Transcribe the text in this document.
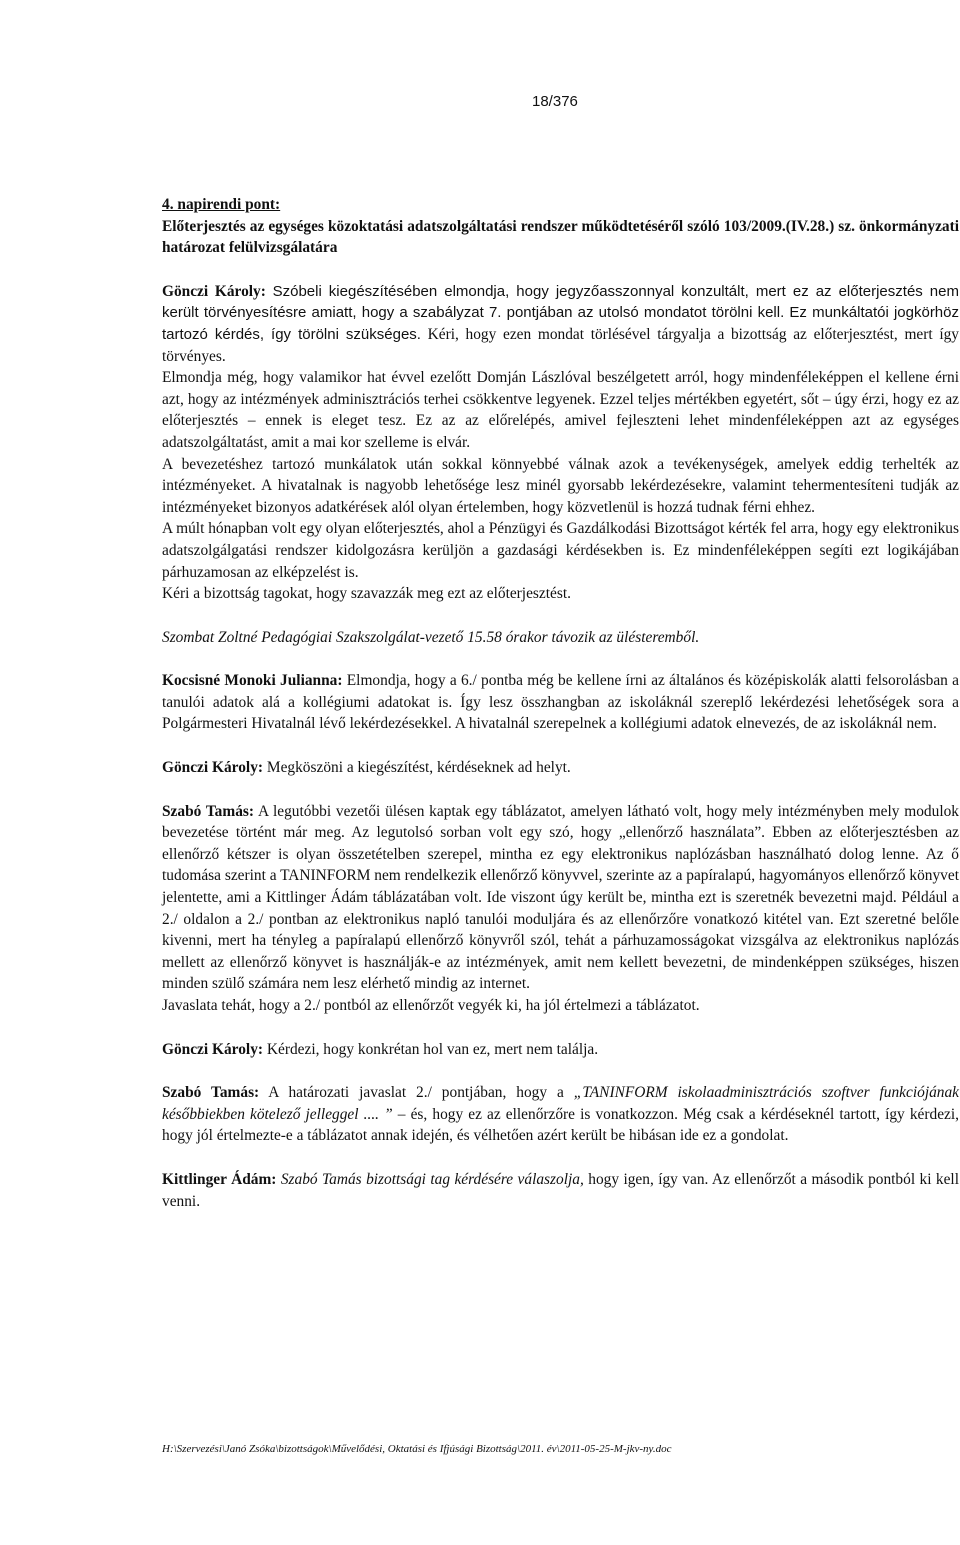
18/376
4. napirendi pont:
Előterjesztés az egységes közoktatási adatszolgáltatási rendszer működtetéséről szóló 103/2009.(IV.28.) sz. önkormányzati határozat felülvizsgálatára

Gönczi Károly: Szóbeli kiegészítésében elmondja, hogy jegyzőasszonnyal konzultált, mert ez az előterjesztés nem került törvényesítésre amiatt, hogy a szabályzat 7. pontjában az utolsó mondatot törölni kell. Ez munkáltatói jogkörhöz tartozó kérdés, így törölni szükséges. Kéri, hogy ezen mondat törlésével tárgyalja a bizottság az előterjesztést, mert így törvényes.

Elmondja még, hogy valamikor hat évvel ezelőtt Domján Lászlóval beszélgetett arról, hogy mindenféleképpen el kellene érni azt, hogy az intézmények adminisztrációs terhei csökkentve legyenek. Ezzel teljes mértékben egyetért, sőt – úgy érzi, hogy ez az előterjesztés – ennek is eleget tesz. Ez az az előrelépés, amivel fejleszteni lehet mindenféleképpen azt az egységes adatszolgáltatást, amit a mai kor szelleme is elvár.

A bevezetéshez tartozó munkálatok után sokkal könnyebbé válnak azok a tevékenységek, amelyek eddig terhelték az intézményeket. A hivatalnak is nagyobb lehetősége lesz minél gyorsabb lekérdezésekre, valamint tehermentesíteni tudják az intézményeket bizonyos adatkérések alól olyan értelemben, hogy közvetlenül is hozzá tudnak férni ehhez.

A múlt hónapban volt egy olyan előterjesztés, ahol a Pénzügyi és Gazdálkodási Bizottságot kérték fel arra, hogy egy elektronikus adatszolgálgatási rendszer kidolgozásra kerüljön a gazdasági kérdésekben is. Ez mindenféleképpen segíti ezt logikájában párhuzamosan az elképzelést is.

Kéri a bizottság tagokat, hogy szavazzák meg ezt az előterjesztést.

Szombat Zoltné Pedagógiai Szakszolgálat-vezető 15.58 órakor távozik az ülésteremből.

Kocsisné Monoki Julianna: Elmondja, hogy a 6./ pontba még be kellene írni az általános és középiskolák alatti felsorolásban a tanulói adatok alá a kollégiumi adatokat is. Így lesz összhangban az iskoláknál szereplő lekérdezési lehetőségek sora a Polgármesteri Hivatalnál lévő lekérdezésekkel. A hivatalnál szerepelnek a kollégiumi adatok elnevezés, de az iskoláknál nem.

Gönczi Károly: Megköszöni a kiegészítést, kérdéseknek ad helyt.

Szabó Tamás: A legutóbbi vezetői ülésen kaptak egy táblázatot, amelyen látható volt, hogy mely intézményben mely modulok bevezetése történt már meg. Az legutolsó sorban volt egy szó, hogy „ellenőrző használata”. Ebben az előterjesztésben az ellenőrző kétszer is olyan összetételben szerepel, mintha ez egy elektronikus naplózásban használható dolog lenne. Az ő tudomása szerint a TANINFORM nem rendelkezik ellenőrző könyvvel, szerinte az a papíralapú, hagyományos ellenőrző könyvet jelentette, ami a Kittlinger Ádám táblázatában volt. Ide viszont úgy került be, mintha ezt is szeretnék bevezetni majd. Például a 2./ oldalon a 2./ pontban az elektronikus napló tanulói moduljára és az ellenőrzőre vonatkozó kitétel van. Ezt szeretné belőle kivenni, mert ha tényleg a papíralapú ellenőrző könyvről szól, tehát a párhuzamosságokat vizsgálva az elektronikus naplózás mellett az ellenőrző könyvet is használják-e az intézmények, amit nem kellett bevezetni, de mindenképpen szükséges, hiszen minden szülő számára nem lesz elérhető mindig az internet.

Javaslata tehát, hogy a 2./ pontból az ellenőrzőt vegyék ki, ha jól értelmezi a táblázatot.

Gönczi Károly: Kérdezi, hogy konkrétan hol van ez, mert nem találja.

Szabó Tamás: A határozati javaslat 2./ pontjában, hogy a „TANINFORM iskolaadminisztrációs szoftver funkciójának későbbiekben kötelező jelleggel .... ” – és, hogy ez az ellenőrzőre is vonatkozzon. Még csak a kérdéseknél tartott, így kérdezi, hogy jól értelmezte-e a táblázatot annak idején, és vélhetően azért került be hibásan ide ez a gondolat.

Kittlinger Ádám: Szabó Tamás bizottsági tag kérdésére válaszolja, hogy igen, így van. Az ellenőrzőt a második pontból ki kell venni.

H:\Szervezési\Janó Zsóka\bizottságok\Művelődési, Oktatási és Ifjúsági Bizottság\2011. év\2011-05-25-M-jkv-ny.doc
